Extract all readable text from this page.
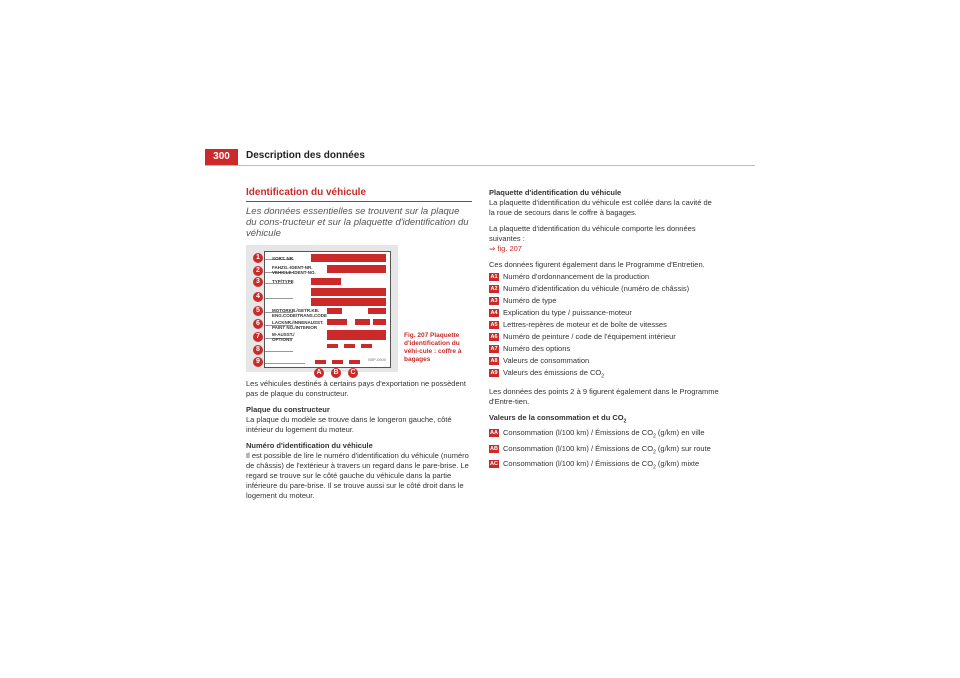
300	Description des données
Identification du véhicule
Les données essentielles se trouvent sur la plaque du cons-tructeur et sur la plaquette d'identification du véhicule
SORT. NR.
FAHZG.-IDENT-NR.
VEHICLE-IDENT-NO.
TYP/TYPE
MOTORKB./GETR.KB.
ENG.CODE/TRANS.CODE
LACKNR./INNENAUSST.
PAINT NO./INTERIOR
M-AUSST./
OPTIONS
A	B	C
B5P-0500
1
2
3
4
5
6
7
8
9
Fig. 207 Plaquette d'identification du véhi-cule : coffre à bagages

Les véhicules destinés à certains pays d'exportation ne possèdent pas de plaque du constructeur.

Plaque du constructeur
La plaque du modèle se trouve dans le longeron gauche, côté intérieur du logement du moteur.

Numéro d'identification du véhicule
Il est possible de lire le numéro d'identification du véhicule (numéro de châssis) de l'extérieur à travers un regard dans le pare-brise. Le regard se trouve sur le côté gauche du véhicule dans la partie inférieure du pare-brise. Il se trouve aussi sur le côté droit dans le logement du moteur.

Plaquette d'identification du véhicule

La plaquette d'identification du véhicule est collée dans la cavité de la roue de secours dans le coffre à bagages.

La plaquette d'identification du véhicule comporte les données suivantes :
⇒ fig. 207

Ces données figurent également dans le Programme d'Entretien.

A1 Numéro d'ordonnancement de la production
A2 Numéro d'identification du véhicule (numéro de châssis)
A3 Numéro de type
A4 Explication du type / puissance-moteur
A5 Lettres-repères de moteur et de boîte de vitesses
A6 Numéro de peinture / code de l'équipement intérieur
A7 Numéro des options
A8 Valeurs de consommation
A9 Valeurs des émissions de $CO_2$

Les données des points 2 à 9 figurent également dans le Programme d'Entre-tien.

Valeurs de la consommation et du $CO_2$
AA Consommation (l/100 km) / Émissions de $CO_2$ (g/km) en ville
AB Consommation (l/100 km) / Émissions de $CO_2$ (g/km) sur route
AC Consommation (l/100 km) / Émissions de $CO_2$ (g/km) mixte
